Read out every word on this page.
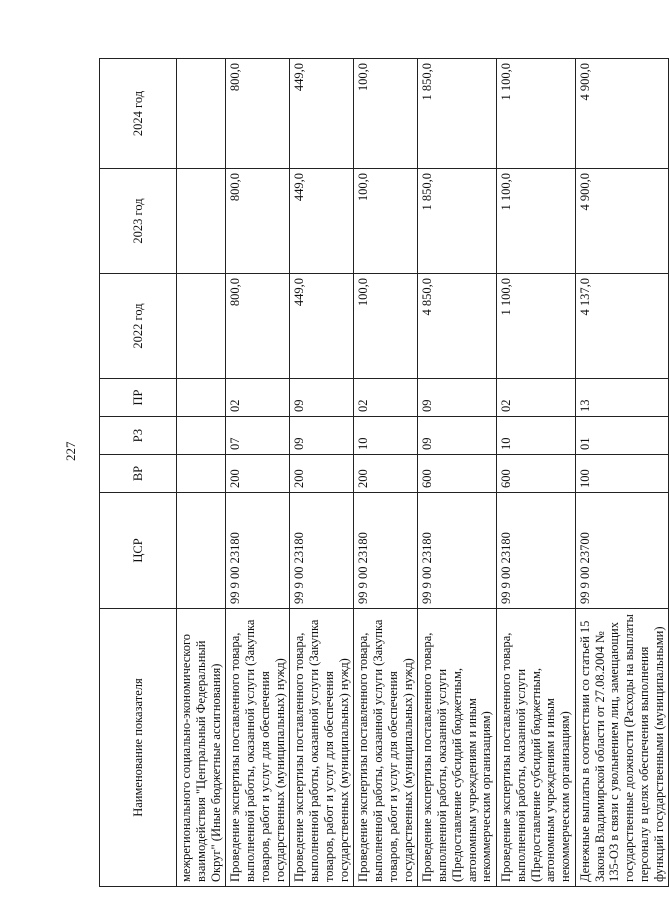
227
Наименование показателя	ЦСР	ВР	РЗ	ПР	2022 год	2023 год	2024 год
межрегионального социально-экономического взаимодействия "Центральный Федеральный Округ" (Иные бюджетные ассигнования)							
Проведение экспертизы поставленного товара, выполненной работы, оказанной услуги (Закупка товаров, работ и услуг для обеспечения государственных (муниципальных) нужд)	99 9 00 23180	200	07	02	800,0	800,0	800,0
Проведение экспертизы поставленного товара, выполненной работы, оказанной услуги (Закупка товаров, работ и услуг для обеспечения государственных (муниципальных) нужд)	99 9 00 23180	200	09	09	449,0	449,0	449,0
Проведение экспертизы поставленного товара, выполненной работы, оказанной услуги (Закупка товаров, работ и услуг для обеспечения государственных (муниципальных) нужд)	99 9 00 23180	200	10	02	100,0	100,0	100,0
Проведение экспертизы поставленного товара, выполненной работы, оказанной услуги (Предоставление субсидий бюджетным, автономным учреждениям и иным некоммерческим организациям)	99 9 00 23180	600	09	09	4 850,0	1 850,0	1 850,0
Проведение экспертизы поставленного товара, выполненной работы, оказанной услуги (Предоставление субсидий бюджетным, автономным учреждениям и иным некоммерческим организациям)	99 9 00 23180	600	10	02	1 100,0	1 100,0	1 100,0
Денежные выплаты в соответствии со статьей 15 Закона Владимирской области от 27.08.2004 № 135-ОЗ в связи с увольнением лиц, замещающих государственные должности (Расходы на выплаты персоналу в целях обеспечения выполнения функций государственными (муниципальными)	99 9 00 23700	100	01	13	4 137,0	4 900,0	4 900,0
